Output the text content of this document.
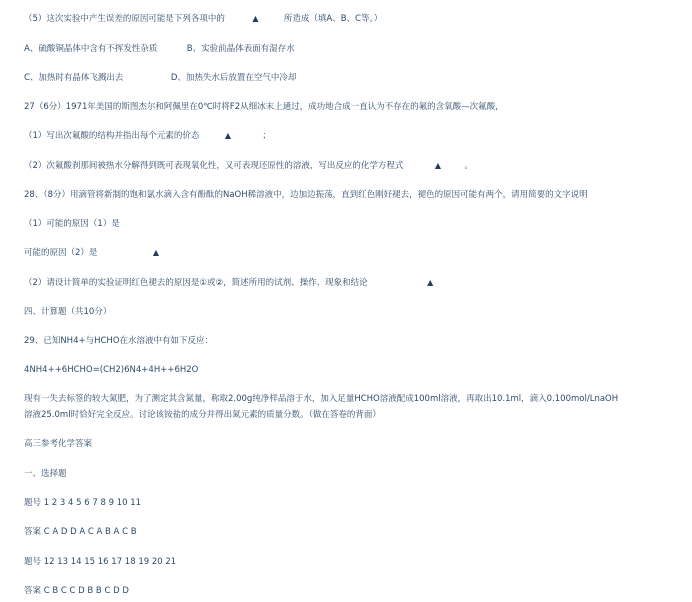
（5）这次实验中产生误差的原因可能是下列各项中的	▲	所造成（填A、B、C等。）
A、硫酸铜晶体中含有不挥发性杂质	B、实验前晶体表面有湿存水
C、加热时有晶体飞溅出去	D、加热失水后放置在空气中冷却
27（6分）1971年美国的斯图杰尔和阿佩里在0℃时将F2从细冰末上通过，成功地合成一直认为不存在的氟的含氧酸—次氟酸，
（1）写出次氟酸的结构并指出每个元素的价态	▲	；
（2）次氟酸刹那间被热水分解得到既可表现氧化性，又可表现还原性的溶液，写出反应的化学方程式	▲	。
28、（8分）用滴管将新制的饱和氯水滴入含有酚酞的NaOH稀溶液中，边加边振荡，直到红色刚好褪去，褪色的原因可能有两个，请用简要的文字说明
（1）可能的原因（1）是
可能的原因（2）是	▲
（2）请设计简单的实验证明红色褪去的原因是①或②，简述所用的试剂、操作、现象和结论	▲
四、计算题（共10分）
29、已知NH4+与HCHO在水溶液中有如下反应：
4NH4++6HCHO=(CH2)6N4+4H++6H2O
现有一失去标签的较大氮肥，为了测定其含氮量，称取2.00g纯净样品溶于水，加入足量HCHO溶液配成100ml溶液，再取出10.1ml，滴入0.100mol/LnaOH
溶液25.0ml时恰好完全反应。讨论该铵盐的成分并得出氮元素的质量分数。（做在答卷的背面）
高三参考化学答案
一、选择题
题号 1 2 3 4 5 6 7 8 9 10 11
答案 C A D D A C A B A C B
题号 12 13 14 15 16 17 18 19 20 21
答案 C B C C D B B C D D
